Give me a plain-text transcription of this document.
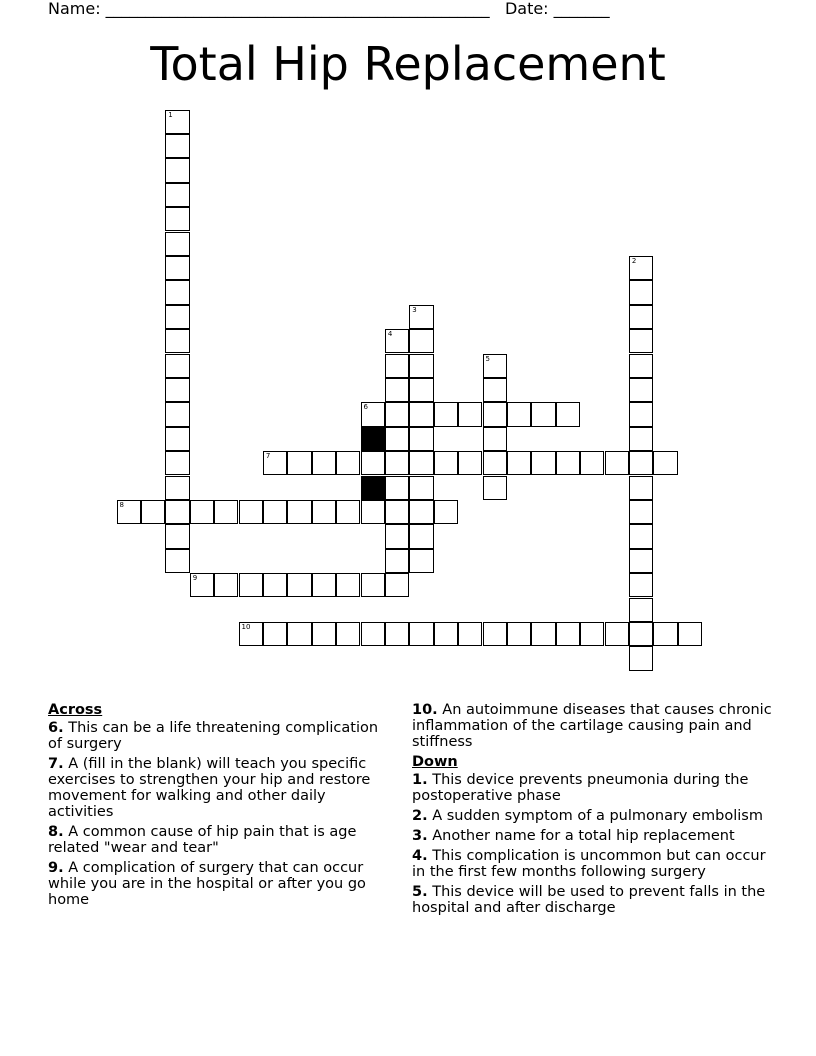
Name: ________________________________________________   Date: _______
Total Hip Replacement
1
2
3
4
5
6
7
8
9
10
Across
6. This can be a life threatening complication of surgery
7. A (fill in the blank) will teach you specific exercises to strengthen your hip and restore movement for walking and other daily activities
8. A common cause of hip pain that is age related "wear and tear"
9. A complication of surgery that can occur while you are in the hospital or after you go home
10. An autoimmune diseases that causes chronic inflammation of the cartilage causing pain and stiffness
Down
1. This device prevents pneumonia during the postoperative phase
2. A sudden symptom of a pulmonary embolism
3. Another name for a total hip replacement
4. This complication is uncommon but can occur in the first few months following surgery
5. This device will be used to prevent falls in the hospital and after discharge
